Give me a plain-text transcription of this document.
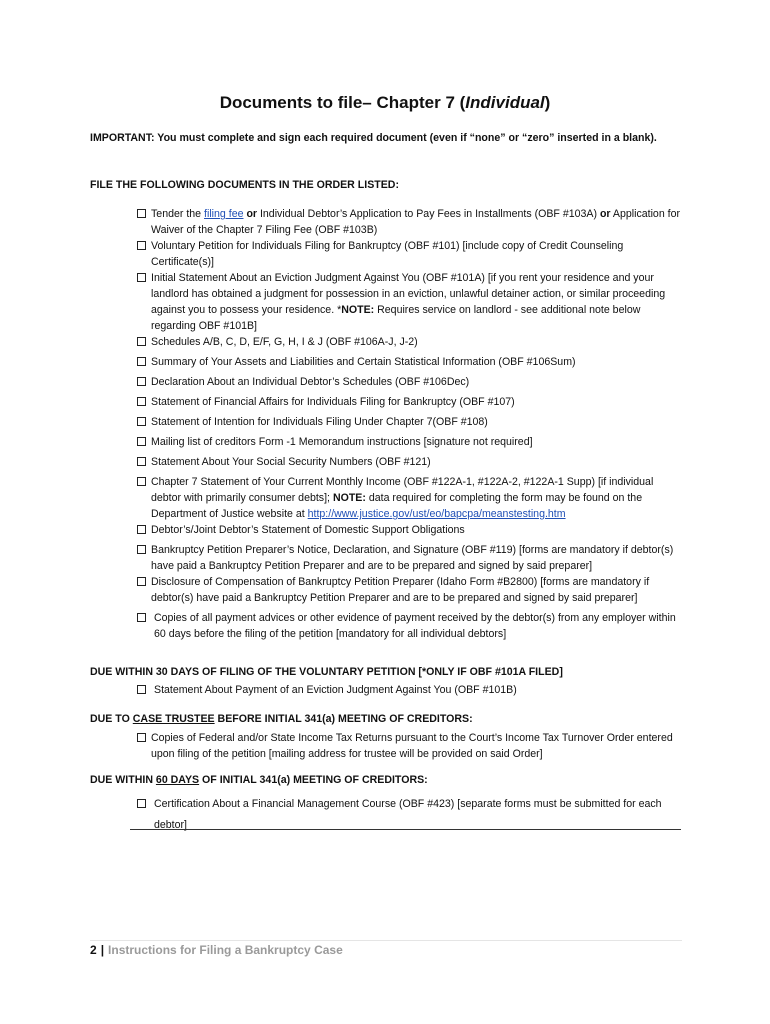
Documents to file– Chapter 7 (Individual)
IMPORTANT: You must complete and sign each required document (even if “none” or “zero” inserted in a blank).
FILE THE FOLLOWING DOCUMENTS IN THE ORDER LISTED:
Tender the filing fee or Individual Debtor’s Application to Pay Fees in Installments (OBF #103A) or Application for Waiver of the Chapter 7 Filing Fee (OBF #103B)
Voluntary Petition for Individuals Filing for Bankruptcy (OBF #101) [include copy of Credit Counseling Certificate(s)]
Initial Statement About an Eviction Judgment Against You (OBF #101A) [if you rent your residence and your landlord has obtained a judgment for possession in an eviction, unlawful detainer action, or similar proceeding against you to possess your residence. *NOTE: Requires service on landlord - see additional note below regarding OBF #101B]
Schedules A/B, C, D, E/F, G, H, I & J (OBF #106A-J, J-2)
Summary of Your Assets and Liabilities and Certain Statistical Information (OBF #106Sum)
Declaration About an Individual Debtor’s Schedules (OBF #106Dec)
Statement of Financial Affairs for Individuals Filing for Bankruptcy (OBF #107)
Statement of Intention for Individuals Filing Under Chapter 7(OBF #108)
Mailing list of creditors Form -1 Memorandum instructions [signature not required]
Statement About Your Social Security Numbers (OBF #121)
Chapter 7 Statement of Your Current Monthly Income (OBF #122A-1, #122A-2, #122A-1 Supp) [if individual debtor with primarily consumer debts]; NOTE: data required for completing the form may be found on the Department of Justice website at http://www.justice.gov/ust/eo/bapcpa/meanstesting.htm
Debtor’s/Joint Debtor’s Statement of Domestic Support Obligations
Bankruptcy Petition Preparer’s Notice, Declaration, and Signature (OBF #119) [forms are mandatory if debtor(s) have paid a Bankruptcy Petition Preparer and are to be prepared and signed by said preparer]
Disclosure of Compensation of Bankruptcy Petition Preparer (Idaho Form #B2800) [forms are mandatory if debtor(s) have paid a Bankruptcy Petition Preparer and are to be prepared and signed by said preparer]
Copies of all payment advices or other evidence of payment received by the debtor(s) from any employer within 60 days before the filing of the petition [mandatory for all individual debtors]
DUE WITHIN 30 DAYS OF FILING OF THE VOLUNTARY PETITION [*ONLY IF OBF #101A FILED]
Statement About Payment of an Eviction Judgment Against You (OBF #101B)
DUE TO CASE TRUSTEE BEFORE INITIAL 341(a) MEETING OF CREDITORS:
Copies of Federal and/or State Income Tax Returns pursuant to the Court’s Income Tax Turnover Order entered upon filing of the petition [mailing address for trustee will be provided on said Order]
DUE WITHIN 60 DAYS OF INITIAL 341(a) MEETING OF CREDITORS:
Certification About a Financial Management Course (OBF #423) [separate forms must be submitted for each debtor]
2 | Instructions for Filing a Bankruptcy Case
